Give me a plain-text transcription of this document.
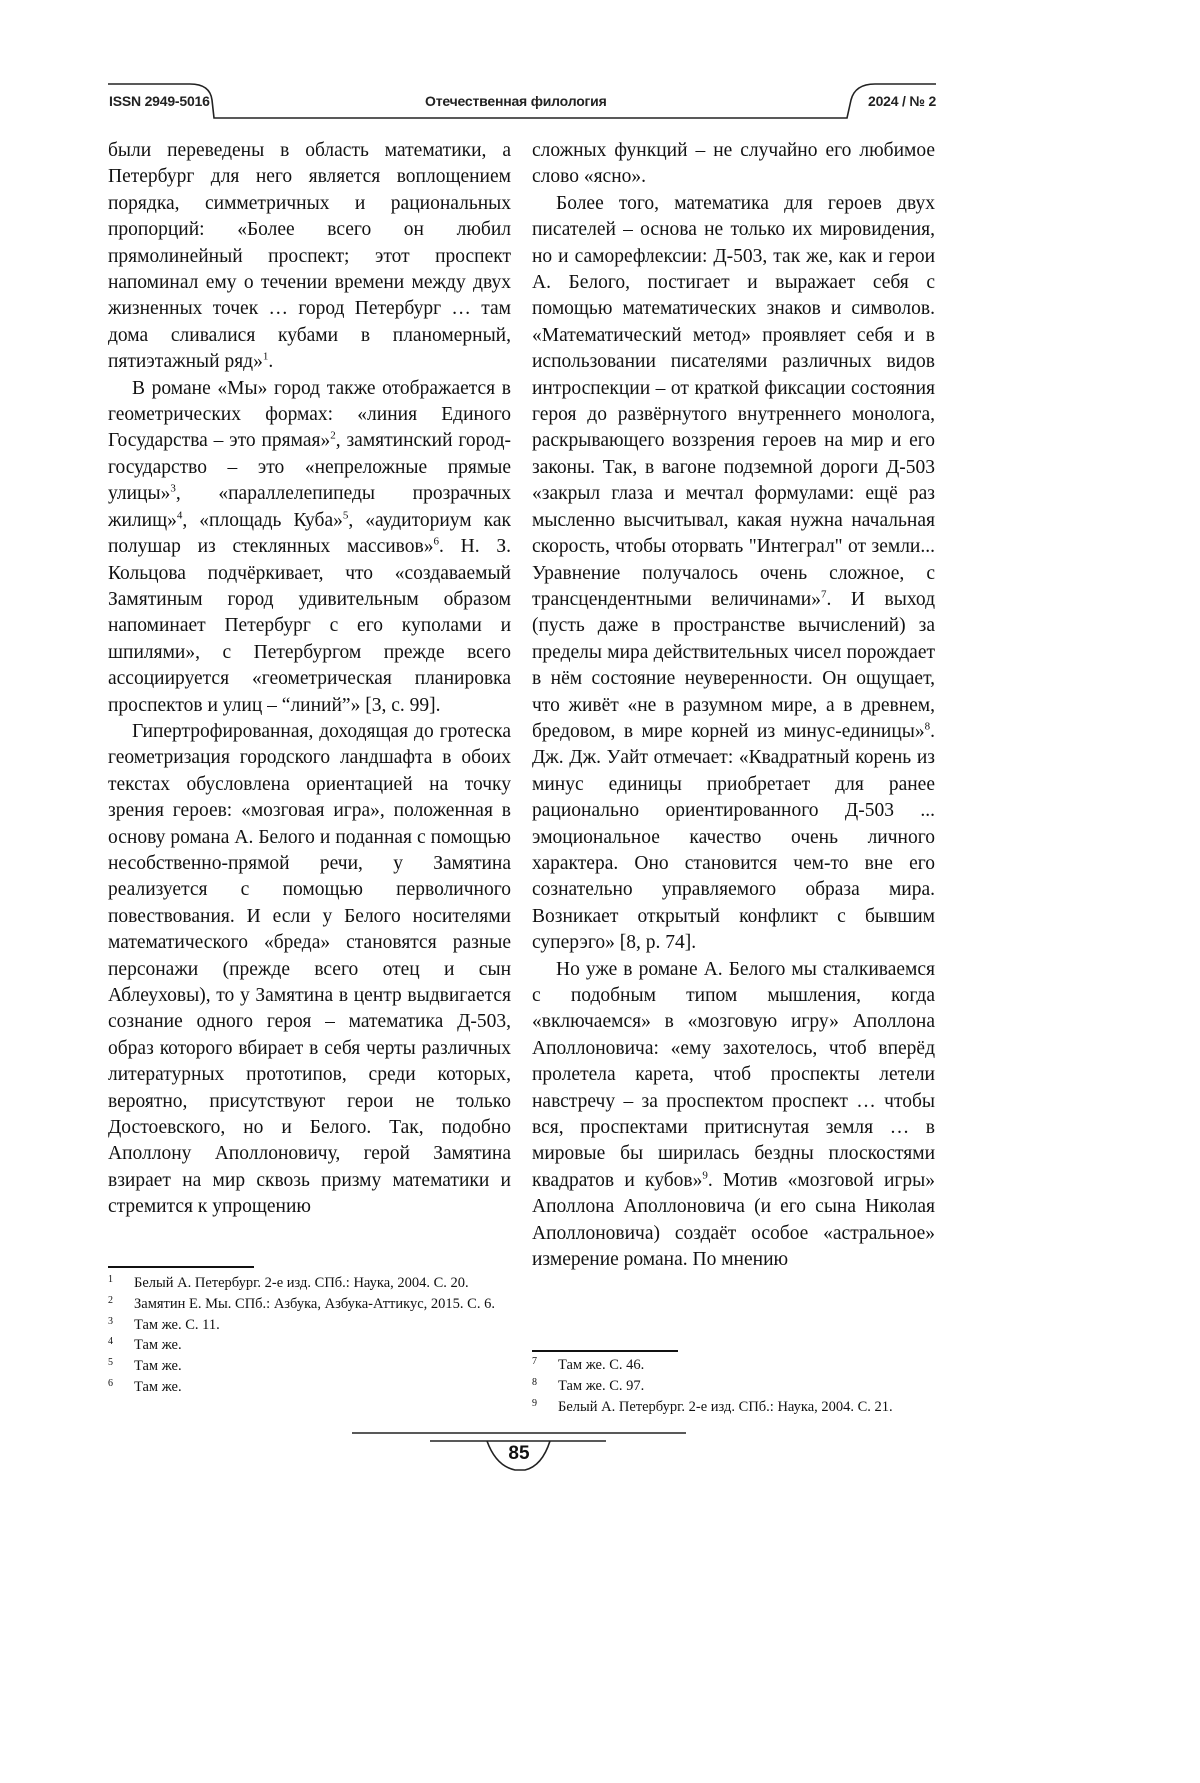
ISSN 2949-5016	Отечественная филология	2024 / № 2

были переведены в область математики, а Петербург для него является воплощением порядка, симметричных и рациональных пропорций: «Более всего он любил прямолинейный проспект; этот проспект напоминал ему о течении времени между двух жизненных точек … город Петербург … там дома сливалися кубами в планомерный, пятиэтажный ряд»$^1$.

В романе «Мы» город также отображается в геометрических формах: «линия Единого Государства – это прямая»$^2$, замятинский город-государство – это «непреложные прямые улицы»$^3$, «параллелепипеды прозрачных жилищ»$^4$, «площадь Куба»$^5$, «аудиториум как полушар из стеклянных массивов»$^6$. Н. З. Кольцова подчёркивает, что «создаваемый Замятиным город удивительным образом напоминает Петербург с его куполами и шпилями», с Петербургом прежде всего ассоциируется «геометрическая планировка проспектов и улиц – “линий”» [3, с. 99].

Гипертрофированная, доходящая до гротеска геометризация городского ландшафта в обоих текстах обусловлена ориентацией на точку зрения героев: «мозговая игра», положенная в основу романа А. Белого и поданная с помощью несобственно-прямой речи, у Замятина реализуется с помощью перволичного повествования. И если у Белого носителями математического «бреда» становятся разные персонажи (прежде всего отец и сын Аблеуховы), то у Замятина в центр выдвигается сознание одного героя – математика Д-503, образ которого вбирает в себя черты различных литературных прототипов, среди которых, вероятно, присутствуют герои не только Достоевского, но и Белого. Так, подобно Аполлону Аполлоновичу, герой Замятина взирает на мир сквозь призму математики и стремится к упрощению

сложных функций – не случайно его любимое слово «ясно».

Более того, математика для героев двух писателей – основа не только их мировидения, но и саморефлексии: Д-503, так же, как и герои А. Белого, постигает и выражает себя с помощью математических знаков и символов. «Математический метод» проявляет себя и в использовании писателями различных видов интроспекции – от краткой фиксации состояния героя до развёрнутого внутреннего монолога, раскрывающего воззрения героев на мир и его законы. Так, в вагоне подземной дороги Д-503 «закрыл глаза и мечтал формулами: ещё раз мысленно высчитывал, какая нужна начальная скорость, чтобы оторвать "Интеграл" от земли... Уравнение получалось очень сложное, с трансцендентными величинами»$^7$. И выход (пусть даже в пространстве вычислений) за пределы мира действительных чисел порождает в нём состояние неуверенности. Он ощущает, что живёт «не в разумном мире, а в древнем, бредовом, в мире корней из минус-единицы»$^8$. Дж. Дж. Уайт отмечает: «Квадратный корень из минус единицы приобретает для ранее рационально ориентированного Д-503 ... эмоциональное качество очень личного характера. Оно становится чем-то вне его сознательно управляемого образа мира. Возникает открытый конфликт с бывшим суперэго» [8, p. 74].

Но уже в романе А. Белого мы сталкиваемся с подобным типом мышления, когда «включаемся» в «мозговую игру» Аполлона Аполлоновича: «ему захотелось, чтоб вперёд пролетела карета, чтоб проспекты летели навстречу – за проспектом проспект … чтобы вся, проспектами притиснутая земля … в мировые бы ширилась бездны плоскостями квадратов и кубов»$^9$. Мотив «мозговой игры» Аполлона Аполлоновича (и его сына Николая Аполлоновича) создаёт особое «астральное» измерение романа. По мнению

1	Белый А. Петербург. 2-е изд. СПб.: Наука, 2004. С. 20.
2	Замятин Е. Мы. СПб.: Азбука, Азбука-Аттикус, 2015. С. 6.
3	Там же. С. 11.
4	Там же.
5	Там же.
6	Там же.
7	Там же. С. 46.
8	Там же. С. 97.
9	Белый А. Петербург. 2-е изд. СПб.: Наука, 2004. С. 21.
85
